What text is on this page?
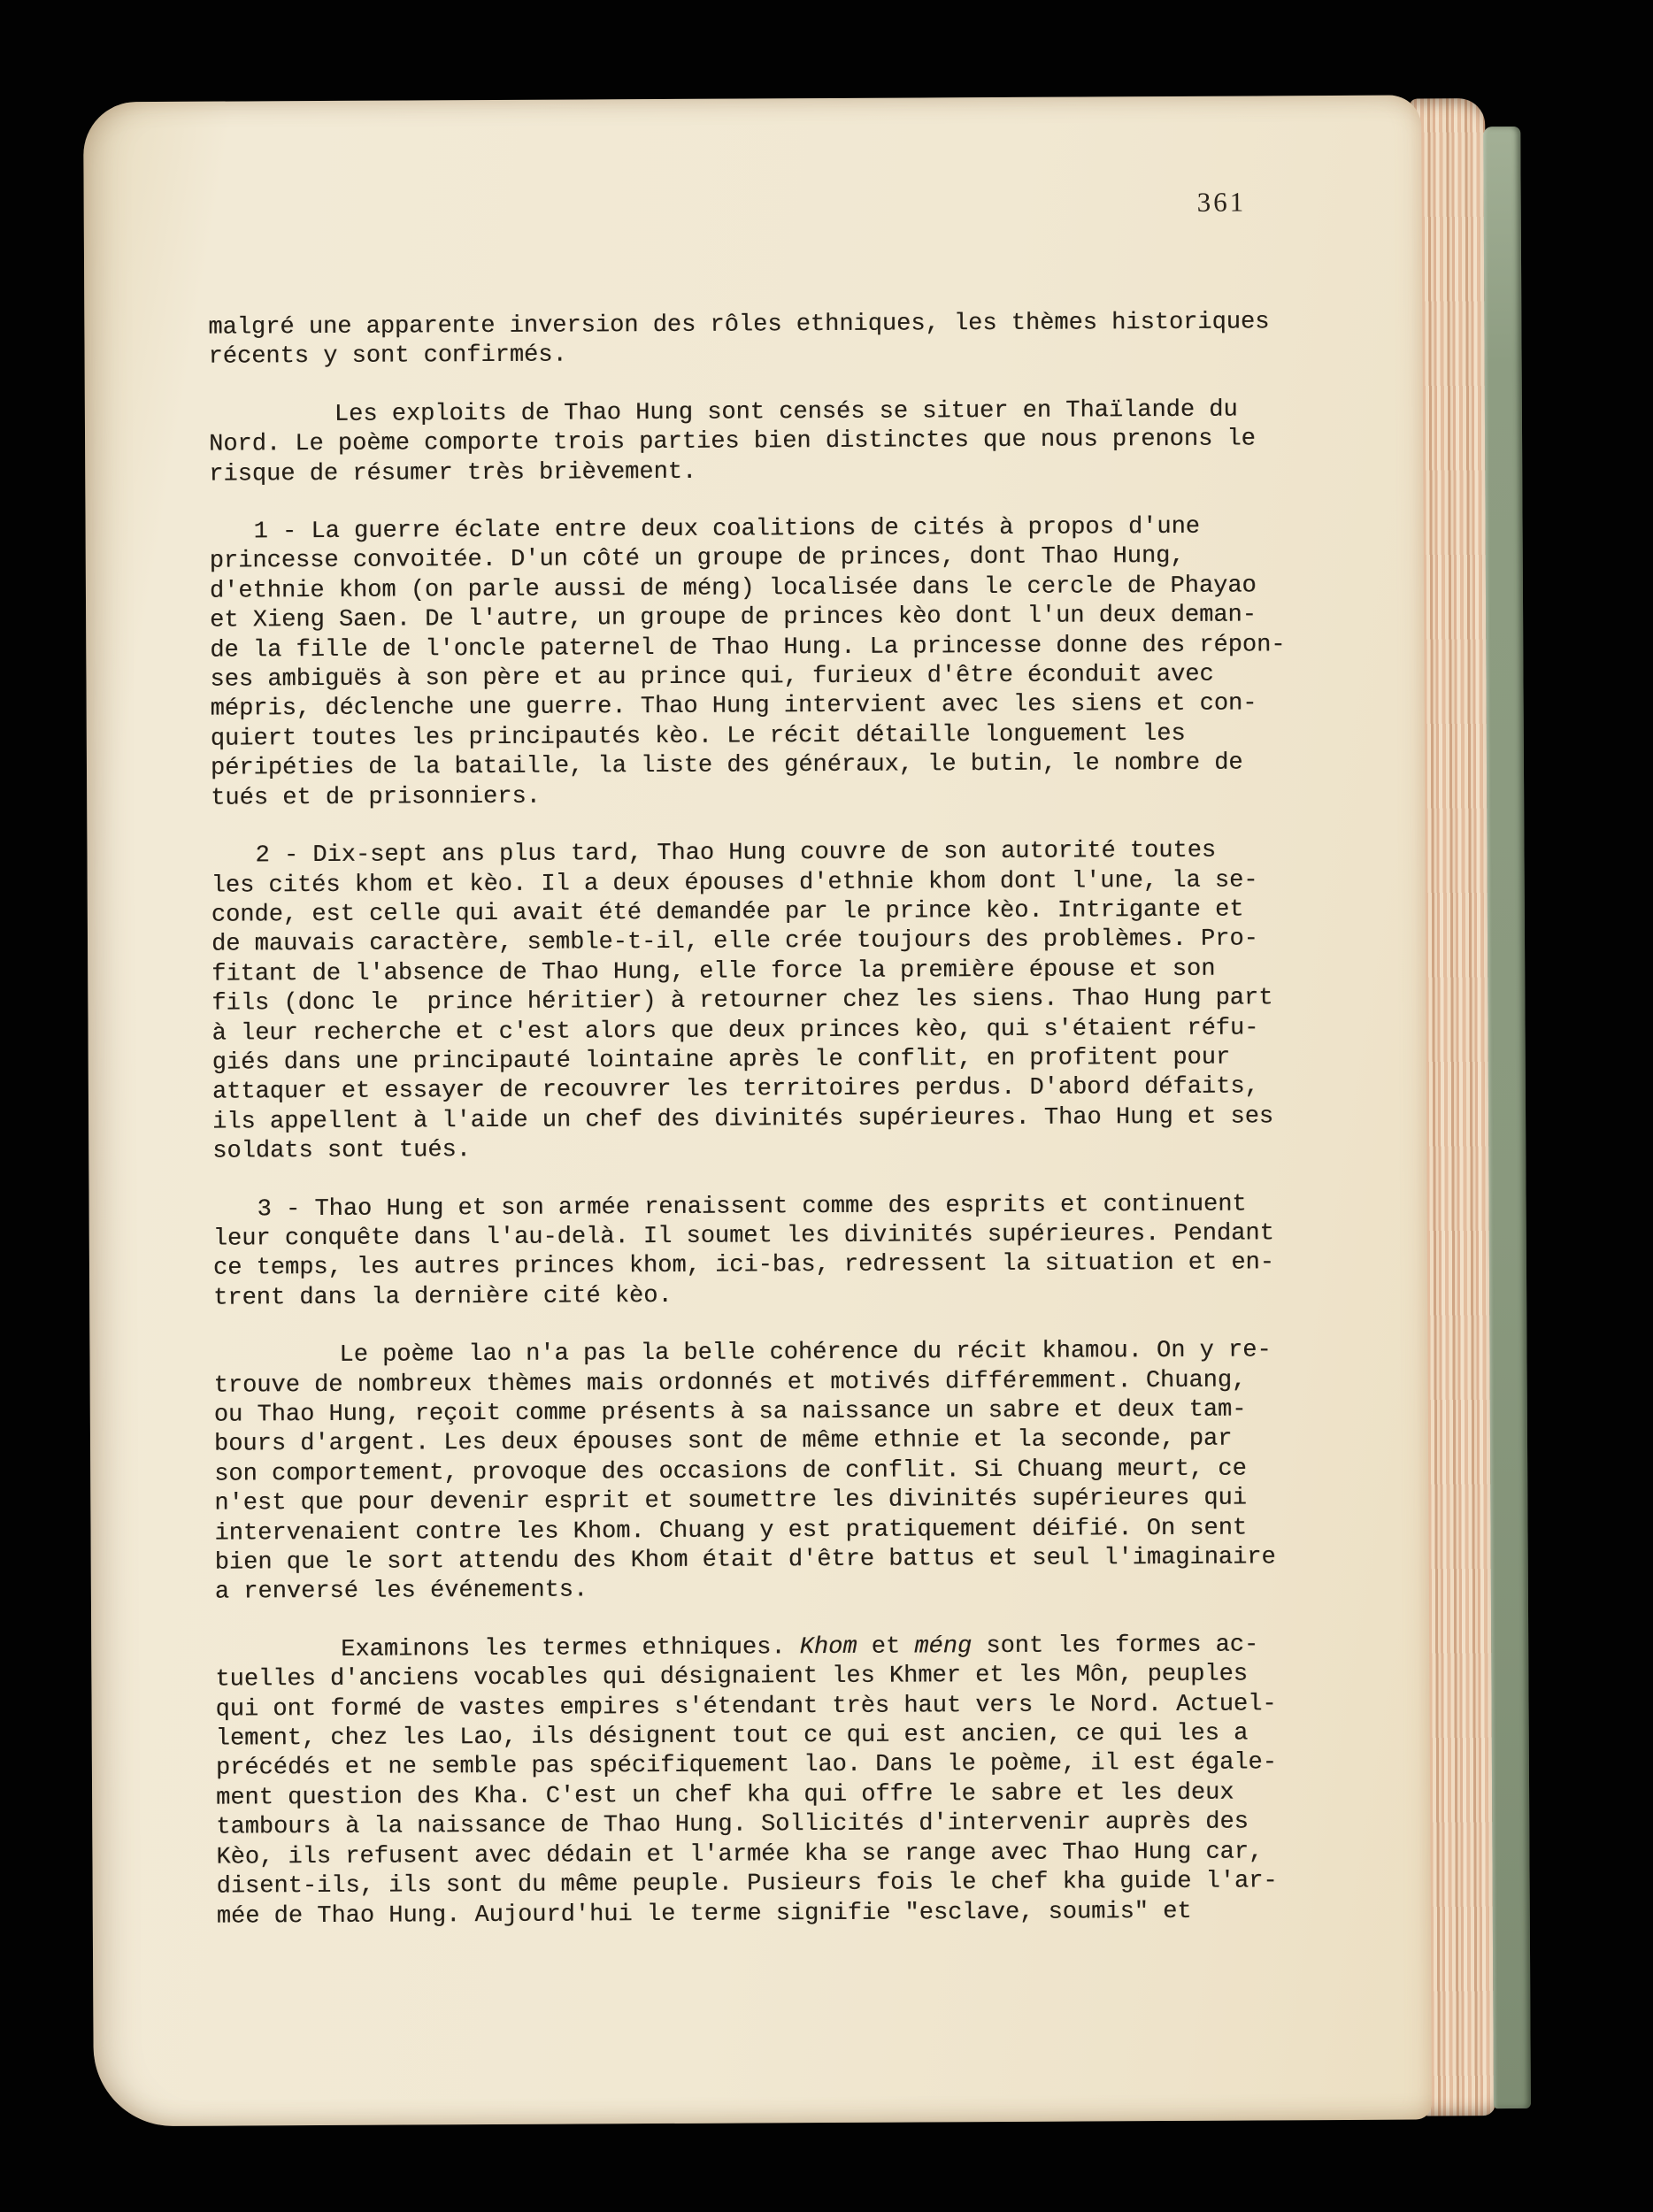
361
malgré une apparente inversion des rôles ethniques, les thèmes historiques
récents y sont confirmés.
Les exploits de Thao Hung sont censés se situer en Thaïlande du
Nord. Le poème comporte trois parties bien distinctes que nous prenons le
risque de résumer très brièvement.
1 - La guerre éclate entre deux coalitions de cités à propos d'une
princesse convoitée. D'un côté un groupe de princes, dont Thao Hung,
d'ethnie khom (on parle aussi de méng) localisée dans le cercle de Phayao
et Xieng Saen. De l'autre, un groupe de princes kèo dont l'un deux deman-
de la fille de l'oncle paternel de Thao Hung. La princesse donne des répon-
ses ambiguës à son père et au prince qui, furieux d'être éconduit avec
mépris, déclenche une guerre. Thao Hung intervient avec les siens et con-
quiert toutes les principautés kèo. Le récit détaille longuement les
péripéties de la bataille, la liste des généraux, le butin, le nombre de
tués et de prisonniers.
2 - Dix-sept ans plus tard, Thao Hung couvre de son autorité toutes
les cités khom et kèo. Il a deux épouses d'ethnie khom dont l'une, la se-
conde, est celle qui avait été demandée par le prince kèo. Intrigante et
de mauvais caractère, semble-t-il, elle crée toujours des problèmes. Pro-
fitant de l'absence de Thao Hung, elle force la première épouse et son
fils (donc le  prince héritier) à retourner chez les siens. Thao Hung part
à leur recherche et c'est alors que deux princes kèo, qui s'étaient réfu-
giés dans une principauté lointaine après le conflit, en profitent pour
attaquer et essayer de recouvrer les territoires perdus. D'abord défaits,
ils appellent à l'aide un chef des divinités supérieures. Thao Hung et ses
soldats sont tués.
3 - Thao Hung et son armée renaissent comme des esprits et continuent
leur conquête dans l'au-delà. Il soumet les divinités supérieures. Pendant
ce temps, les autres princes khom, ici-bas, redressent la situation et en-
trent dans la dernière cité kèo.
Le poème lao n'a pas la belle cohérence du récit khamou. On y re-
trouve de nombreux thèmes mais ordonnés et motivés différemment. Chuang,
ou Thao Hung, reçoit comme présents à sa naissance un sabre et deux tam-
bours d'argent. Les deux épouses sont de même ethnie et la seconde, par
son comportement, provoque des occasions de conflit. Si Chuang meurt, ce
n'est que pour devenir esprit et soumettre les divinités supérieures qui
intervenaient contre les Khom. Chuang y est pratiquement déifié. On sent
bien que le sort attendu des Khom était d'être battus et seul l'imaginaire
a renversé les événements.
Examinons les termes ethniques. Khom et méng sont les formes ac-
tuelles d'anciens vocables qui désignaient les Khmer et les Môn, peuples
qui ont formé de vastes empires s'étendant très haut vers le Nord. Actuel-
lement, chez les Lao, ils désignent tout ce qui est ancien, ce qui les a
précédés et ne semble pas spécifiquement lao. Dans le poème, il est égale-
ment question des Kha. C'est un chef kha qui offre le sabre et les deux
tambours à la naissance de Thao Hung. Sollicités d'intervenir auprès des
Kèo, ils refusent avec dédain et l'armée kha se range avec Thao Hung car,
disent-ils, ils sont du même peuple. Pusieurs fois le chef kha guide l'ar-
mée de Thao Hung. Aujourd'hui le terme signifie "esclave, soumis" et
